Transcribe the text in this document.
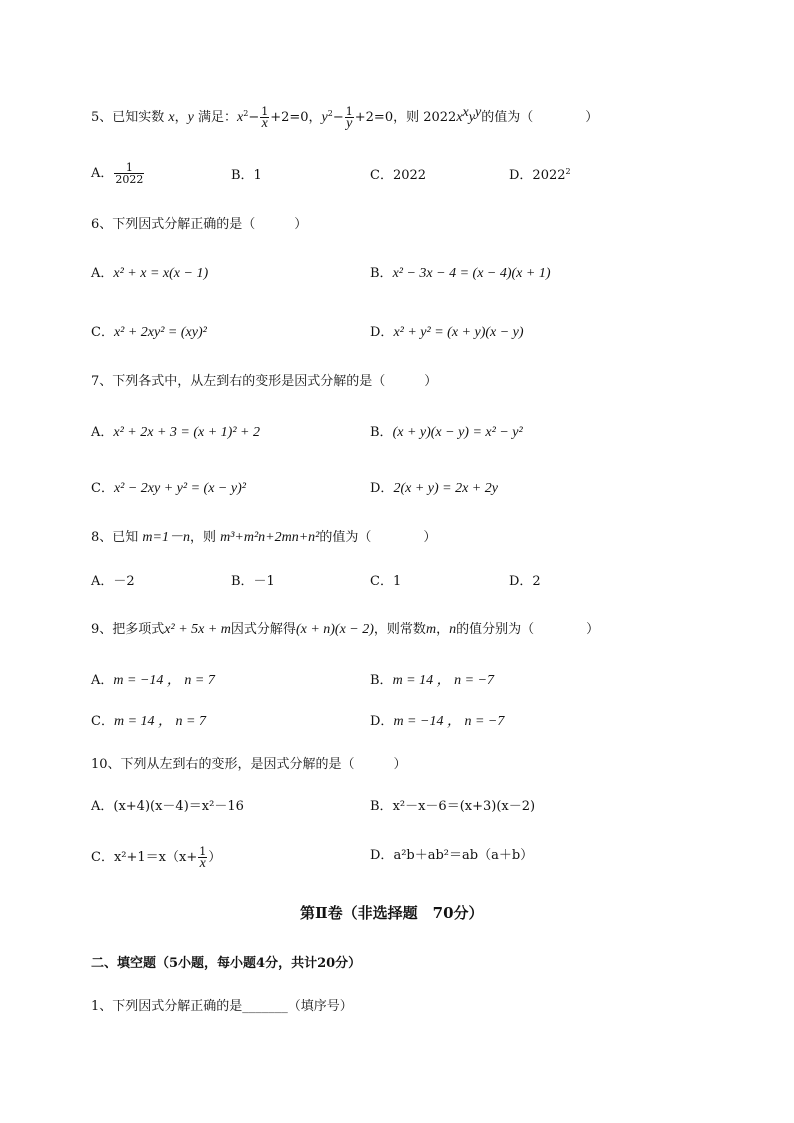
5、已知实数 x，y 满足：$x^2- \frac{1}{x} +2=0$，$y^2- \frac{1}{y} +2=0$，则 $2022x^xy^y$的值为（　　　　）
A． $\frac{1}{2022}$	B．1	C．2022	D．2022$^2$
6、下列因式分解正确的是（　　　）
A．x² + x = x(x − 1)	B．x² − 3x − 4 = (x − 4)(x + 1)
C．x² + 2xy² = (xy)²	D．x² + y² = (x + y)(x − y)
7、下列各式中，从左到右的变形是因式分解的是（　　　）
A．x² + 2x + 3 = (x + 1)² + 2	B．(x + y)(x − y) = x² − y²
C．x² − 2xy + y² = (x − y)²	D．2(x + y) = 2x + 2y
8、已知 m=1－n，则 m³+m²n+2mn+n²的值为（　　　　）
A．－2	B．－1	C．1	D．2
9、把多项式x² + 5x + m因式分解得(x + n)(x − 2)，则常数m，n的值分别为（　　　　）
A．m = −14 ， n = 7	B．m = 14 ， n = −7
C．m = 14 ， n = 7	D．m = −14 ， n = −7
10、下列从左到右的变形，是因式分解的是（　　　）
A．(x+4)(x－4)＝x²－16	B．x²－x－6＝(x+3)(x－2)
C．$x^2+1=x(x+ \frac{1}{x}$ ）	D．a²b＋ab²＝ab（a＋b）
第Ⅱ卷（非选择题　70分）
二、填空题（5小题，每小题4分，共计20分）
1、下列因式分解正确的是_______（填序号）
